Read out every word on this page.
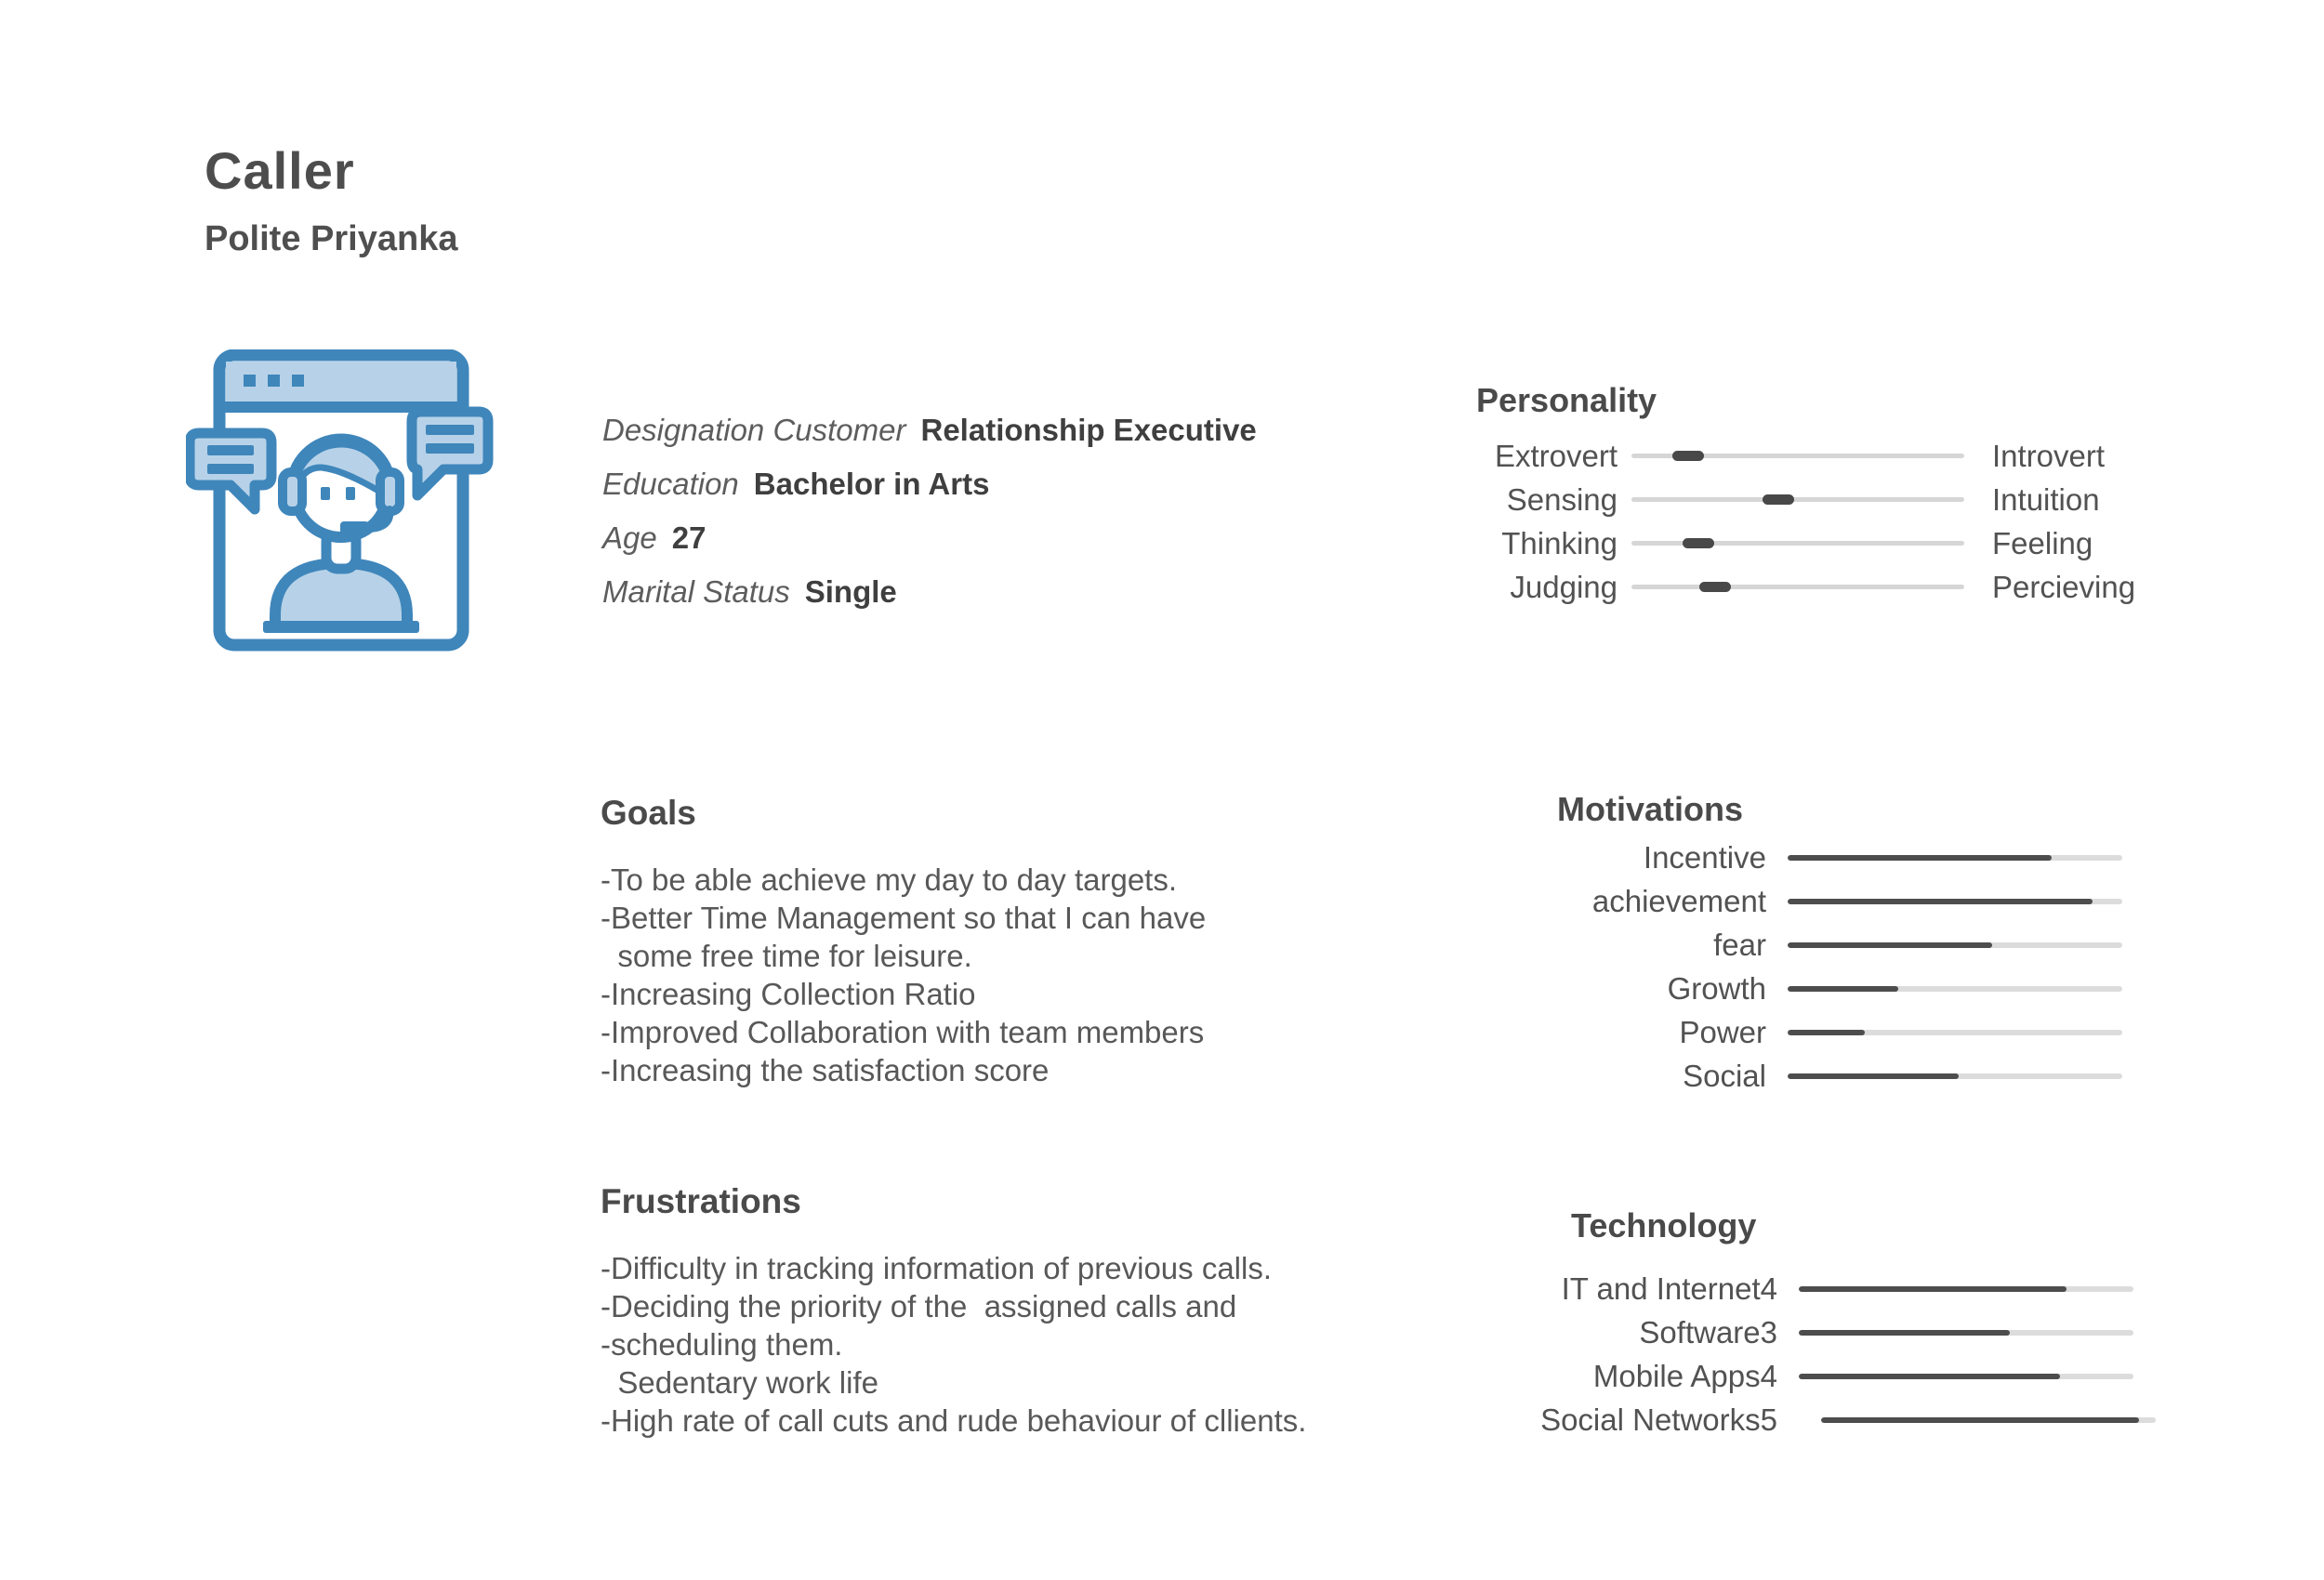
Caller
Polite Priyanka
Designation Customer Relationship Executive
Education Bachelor in Arts
Age 27
Marital Status Single
Personality
Extrovert	Introvert
Sensing	Intuition
Thinking	Feeling
Judging	Percieving
Goals
-To be able achieve my day to day targets.
-Better Time Management so that I can have
some free time for leisure.
-Increasing Collection Ratio
-Improved Collaboration with team members
-Increasing the satisfaction score
Frustrations
-Difficulty in tracking information of previous calls.
-Deciding the priority of the  assigned calls and
-scheduling them.
Sedentary work life
-High rate of call cuts and rude behaviour of cllients.
Motivations
Incentive
achievement
fear
Growth
Power
Social
Technology
IT and Internet4
Software3
Mobile Apps4
Social Networks5
